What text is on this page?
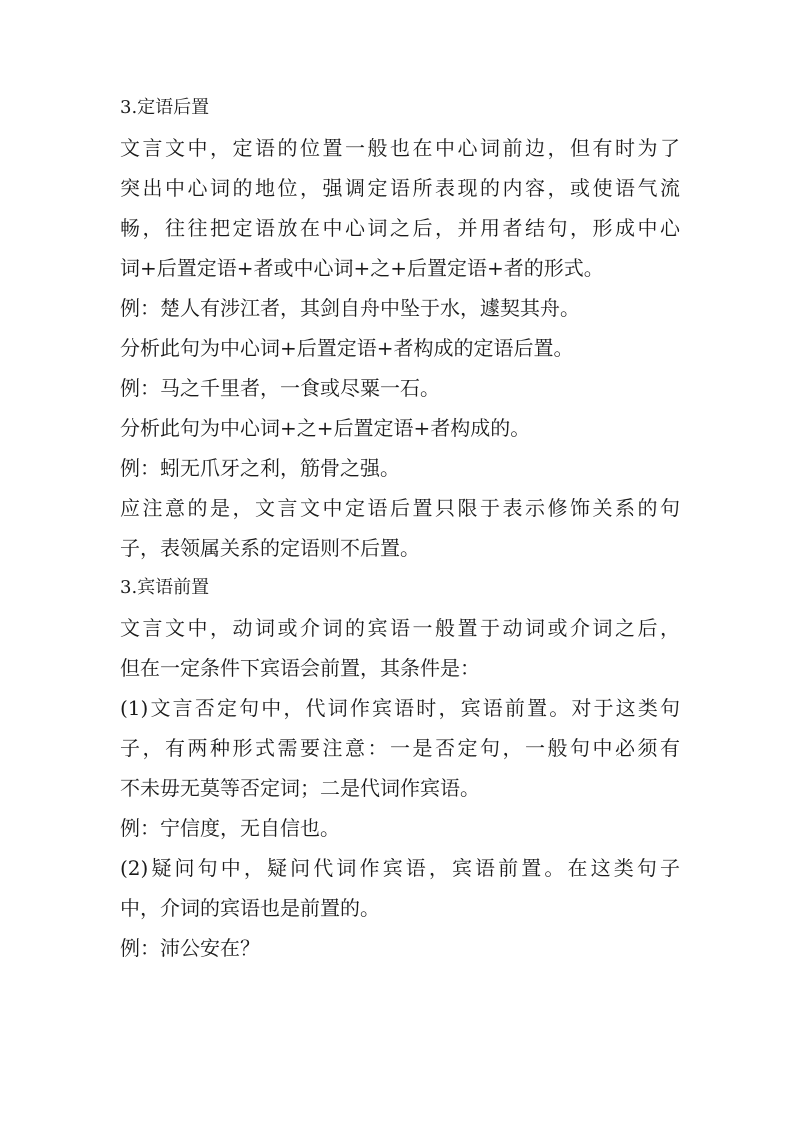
3.定语后置
文言文中，定语的位置一般也在中心词前边，但有时为了
突出中心词的地位，强调定语所表现的内容，或使语气流
畅，往往把定语放在中心词之后，并用者结句，形成中心
词+后置定语+者或中心词+之+后置定语+者的形式。
例：楚人有涉江者，其剑自舟中坠于水，遽契其舟。
分析此句为中心词+后置定语+者构成的定语后置。
例：马之千里者，一食或尽粟一石。
分析此句为中心词+之+后置定语+者构成的。
例：蚓无爪牙之利，筋骨之强。
应注意的是，文言文中定语后置只限于表示修饰关系的句
子，表领属关系的定语则不后置。
3.宾语前置
文言文中，动词或介词的宾语一般置于动词或介词之后，
但在一定条件下宾语会前置，其条件是：
(1)文言否定句中，代词作宾语时，宾语前置。对于这类句
子，有两种形式需要注意：一是否定句，一般句中必须有
不未毋无莫等否定词；二是代词作宾语。
例：宁信度，无自信也。
(2)疑问句中，疑问代词作宾语，宾语前置。在这类句子
中，介词的宾语也是前置的。
例：沛公安在？
